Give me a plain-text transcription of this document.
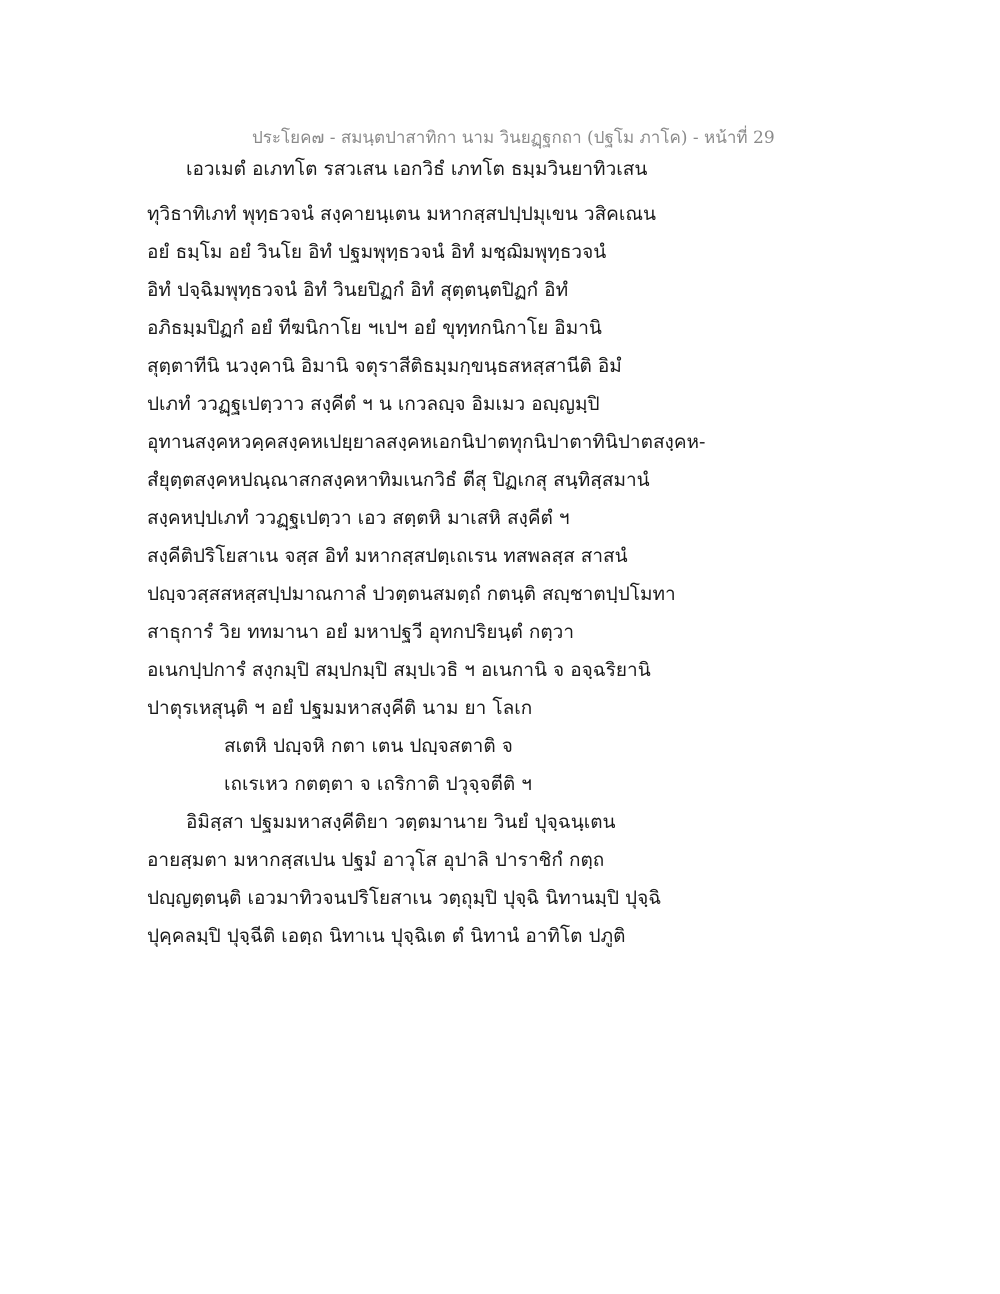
ประโยค๗ - สมนฺตปาสาทิกา นาม วินยฏฺฐกถา (ปฐโม ภาโค) - หน้าที่ 29
เอวเมตํ อเภทโต รสวเสน เอกวิธํ เภทโต ธมฺมวินยาทิวเสน
ทุวิธาทิเภทํ พุทฺธวจนํ สงฺคายนฺเตน มหากสฺสปปฺปมุเขน วสิคเณน
อยํ ธมฺโม อยํ วินโย อิทํ ปฐมพุทฺธวจนํ อิทํ มชฺฌิมพุทฺธวจนํ
อิทํ ปจฺฉิมพุทฺธวจนํ อิทํ วินยปิฏกํ อิทํ สุตฺตนฺตปิฏกํ อิทํ
อภิธมฺมปิฏกํ อยํ ทีฆนิกาโย ฯเปฯ อยํ ขุทฺทกนิกาโย อิมานิ
สุตฺตาทีนิ นวงฺคานิ อิมานิ จตุราสีติธมฺมกฺขนฺธสหสฺสานีติ อิมํ
ปเภทํ ววฏฺฐเปตฺวาว สงฺคีตํ ฯ น เกวลญฺจ อิมเมว อญฺญมฺปิ
อุทานสงฺคหวคฺคสงฺคหเปยฺยาลสงฺคหเอกนิปาตทุกนิปาตาทินิปาตสงฺคห-
สํยุตฺตสงฺคหปณฺณาสกสงฺคหาทิมเนกวิธํ ตีสุ ปิฏเกสุ สนฺทิสฺสมานํ
สงฺคหปฺปเภทํ ววฏฺฐเปตฺวา เอว สตฺตหิ มาเสหิ สงฺคีตํ ฯ
สงฺคีติปริโยสาเน จสฺส อิทํ มหากสฺสปตฺเถเรน ทสพลสฺส สาสนํ
ปญฺจวสฺสสหสฺสปฺปมาณกาลํ ปวตฺตนสมตฺถํ กตนฺติ สญฺชาตปฺปโมทา
สาธุการํ วิย ททมานา อยํ มหาปฐวี อุทกปริยนฺตํ กตฺวา
อเนกปฺปการํ สงฺกมฺปิ สมฺปกมฺปิ สมฺปเวธิ ฯ อเนกานิ จ อจฺฉริยานิ
ปาตุรเหสุนฺติ ฯ อยํ ปฐมมหาสงฺคีติ นาม ยา โลเก
สเตหิ ปญฺจหิ กตา เตน ปญฺจสตาติ จ
เถเรเหว กตตฺตา จ เถริกาติ ปวุจฺจตีติ ฯ
อิมิสฺสา ปฐมมหาสงฺคีติยา วตฺตมานาย วินยํ ปุจฺฉนฺเตน
อายสฺมตา มหากสฺสเปน ปฐมํ อาวุโส อุปาลิ ปาราชิกํ กตฺถ
ปญฺญตฺตนฺติ เอวมาทิวจนปริโยสาเน วตฺถุมฺปิ ปุจฺฉิ นิทานมฺปิ ปุจฺฉิ
ปุคฺคลมฺปิ ปุจฺฉีติ เอตฺถ นิทาเน ปุจฺฉิเต ตํ นิทานํ อาทิโต ปภูติ
